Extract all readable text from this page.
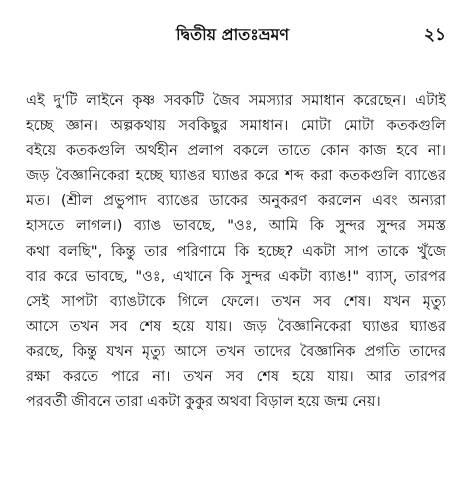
দ্বিতীয় প্রাতঃভ্রমণ	২১
এই দু'টি লাইনে কৃষ্ণ সবকটি জৈব সমস্যার সমাধান করেছেন। এটাই
হচ্ছে জ্ঞান। অল্পকথায় সবকিছুর সমাধান। মোটা মোটা কতকগুলি
বইয়ে কতকগুলি অর্থহীন প্রলাপ বকলে তাতে কোন কাজ হবে না।
জড় বৈজ্ঞানিকেরা হচ্ছে ঘ্যাঙর ঘ্যাঙর করে শব্দ করা কতকগুলি ব্যাঙের
মত। (শ্রীল প্রভুপাদ ব্যাঙের ডাকের অনুকরণ করলেন এবং অন্যরা
হাসতে লাগল।) ব্যাঙ ভাবছে, "ওঃ, আমি কি সুন্দর সুন্দর সমস্ত
কথা বলছি", কিন্তু তার পরিণামে কি হচ্ছে? একটা সাপ তাকে খুঁজে
বার করে ভাবছে, "ওঃ, এখানে কি সুন্দর একটা ব্যাঙ!" ব্যাস্, তারপর
সেই সাপটা ব্যাঙটাকে গিলে ফেলে। তখন সব শেষ। যখন মৃত্যু
আসে তখন সব শেষ হয়ে যায়। জড় বৈজ্ঞানিকেরা ঘ্যাঙর ঘ্যাঙর
করছে, কিন্তু যখন মৃত্যু আসে তখন তাদের বৈজ্ঞানিক প্রগতি তাদের
রক্ষা করতে পারে না। তখন সব শেষ হয়ে যায়। আর তারপর
পরবর্তী জীবনে তারা একটা কুকুর অথবা বিড়াল হয়ে জন্ম নেয়।
